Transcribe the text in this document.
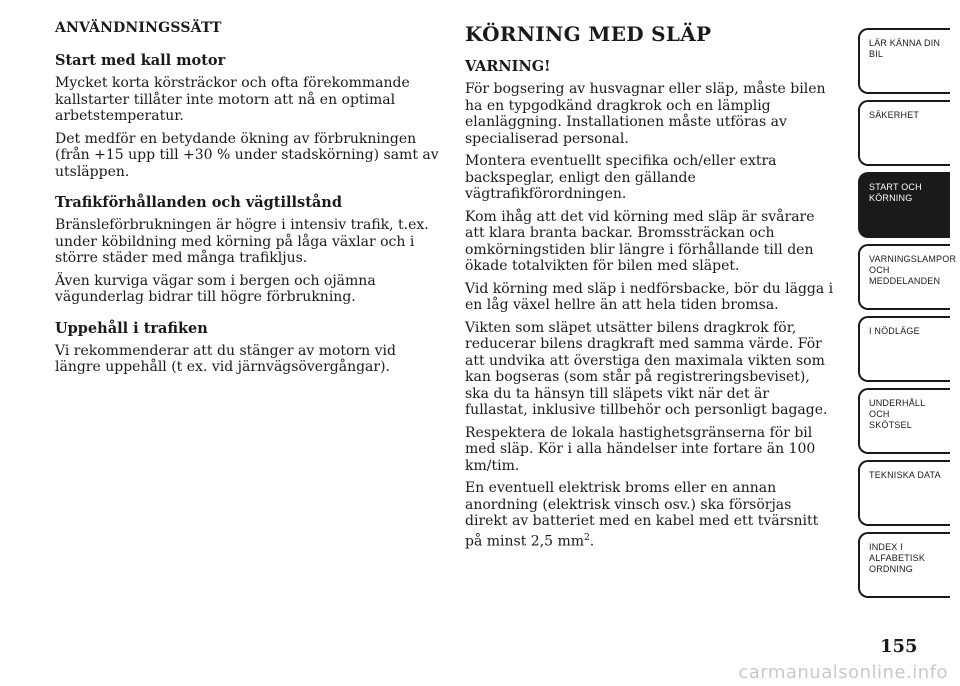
ANVÄNDNINGSSÄTT
Start med kall motor

Mycket korta körsträckor och ofta förekommande kallstarter tillåter inte motorn att nå en optimal arbetstemperatur.

Det medför en betydande ökning av förbrukningen (från +15 upp till +30 % under stadskörning) samt av utsläppen.

Trafikförhållanden och vägtillstånd

Bränsleförbrukningen är högre i intensiv trafik, t.ex. under köbildning med körning på låga växlar och i större städer med många trafikljus.

Även kurviga vägar som i bergen och ojämna vägunderlag bidrar till högre förbrukning.

Uppehåll i trafiken

Vi rekommenderar att du stänger av motorn vid längre uppehåll (t ex. vid järnvägsövergångar).

KÖRNING MED SLÄP
VARNING!

För bogsering av husvagnar eller släp, måste bilen ha en typgodkänd dragkrok och en lämplig elanläggning. Installationen måste utföras av specialiserad personal.

Montera eventuellt specifika och/eller extra backspeglar, enligt den gällande vägtrafikförordningen.

Kom ihåg att det vid körning med släp är svårare att klara branta backar. Bromssträckan och omkörningstiden blir längre i förhållande till den ökade totalvikten för bilen med släpet.

Vid körning med släp i nedförsbacke, bör du lägga i en låg växel hellre än att hela tiden bromsa.

Vikten som släpet utsätter bilens dragkrok för, reducerar bilens dragkraft med samma värde. För att undvika att överstiga den maximala vikten som kan bogseras (som står på registreringsbeviset), ska du ta hänsyn till släpets vikt när det är fullastat, inklusive tillbehör och personligt bagage.

Respektera de lokala hastighetsgränserna för bil med släp. Kör i alla händelser inte fortare än 100 km/tim.

En eventuell elektrisk broms eller en annan anordning (elektrisk vinsch osv.) ska försörjas direkt av batteriet med en kabel med ett tvärsnitt på minst 2,5 $mm^2$.

LÄR KÄNNA DIN
BIL
SÄKERHET
START OCH
KÖRNING
VARNINGSLAMPOR
OCH
MEDDELANDEN
I NÖDLÄGE
UNDERHÅLL OCH
SKÖTSEL
TEKNISKA DATA
INDEX I
ALFABETISK
ORDNING
155
carmanualsonline.info
